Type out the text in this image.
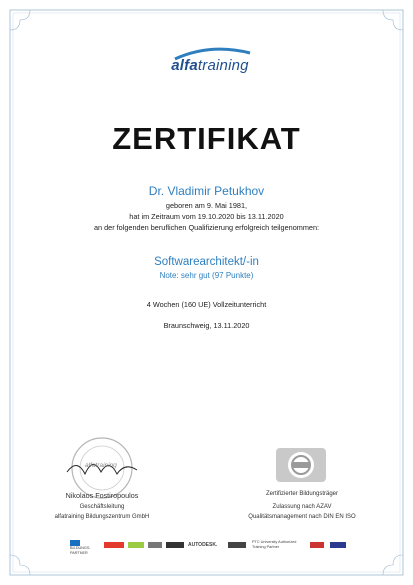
alfatraining
ZERTIFIKAT
Dr. Vladimir Petukhov
geboren am 9. Mai 1981,
hat im Zeitraum vom 19.10.2020 bis 13.11.2020
an der folgenden beruflichen Qualifizierung erfolgreich teilgenommen:
Softwarearchitekt/-in
Note: sehr gut (97 Punkte)
4 Wochen (160 UE) Vollzeitunterricht
Braunschweig, 13.11.2020
alfatraining
Nikolaos Fostiropoulos
Geschäftsleitung
alfatraining Bildungszentrum GmbH
Zertifizierter Bildungsträger
Zulassung nach AZAV
Qualitätsmanagement nach DIN EN ISO
BILDUNGS-PARTNER
AUTODESK.	PTC University Authorized Training Partner
